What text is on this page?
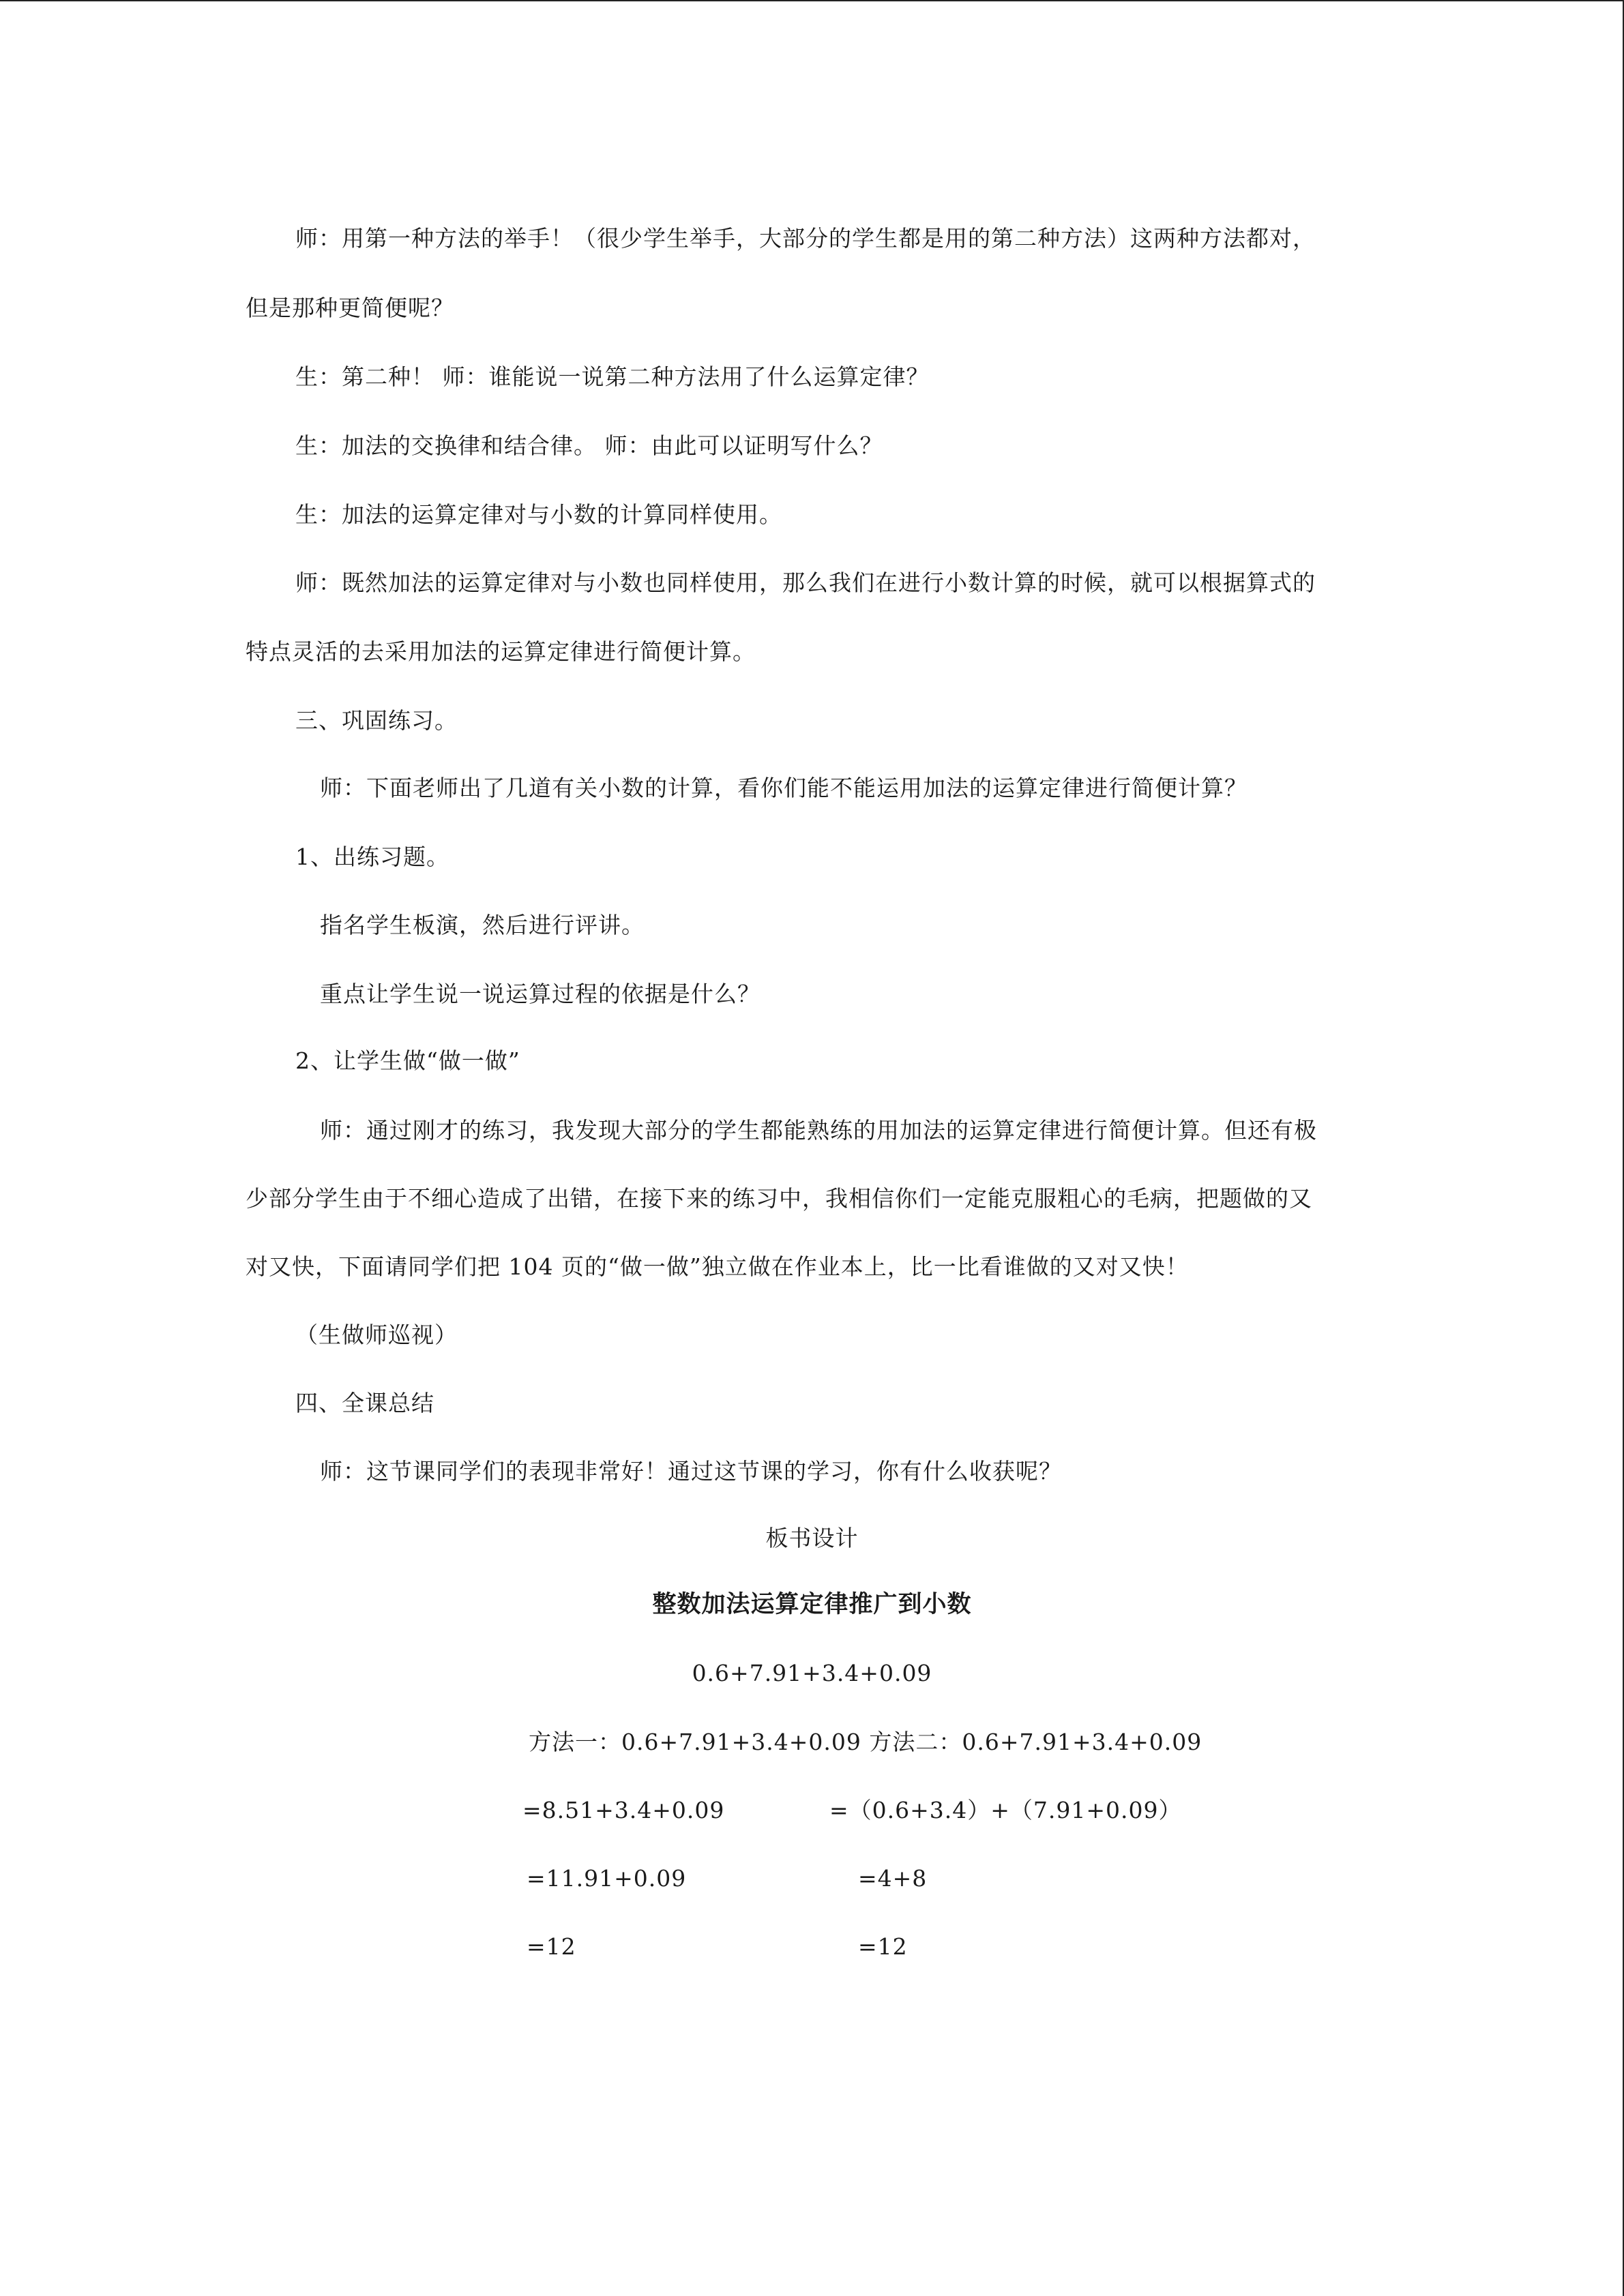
师：用第一种方法的举手！（很少学生举手，大部分的学生都是用的第二种方法）这两种方法都对，
但是那种更简便呢？
生：第二种！ 师：谁能说一说第二种方法用了什么运算定律？
生：加法的交换律和结合律。 师：由此可以证明写什么？
生：加法的运算定律对与小数的计算同样使用。
师：既然加法的运算定律对与小数也同样使用，那么我们在进行小数计算的时候，就可以根据算式的
特点灵活的去采用加法的运算定律进行简便计算。
三、巩固练习。
师：下面老师出了几道有关小数的计算，看你们能不能运用加法的运算定律进行简便计算？
1、出练习题。
指名学生板演，然后进行评讲。
重点让学生说一说运算过程的依据是什么？
2、让学生做“做一做”
师：通过刚才的练习，我发现大部分的学生都能熟练的用加法的运算定律进行简便计算。但还有极
少部分学生由于不细心造成了出错，在接下来的练习中，我相信你们一定能克服粗心的毛病，把题做的又
对又快，下面请同学们把 104 页的“做一做”独立做在作业本上，比一比看谁做的又对又快！
（生做师巡视）
四、全课总结
师：这节课同学们的表现非常好！通过这节课的学习，你有什么收获呢？
板书设计
整数加法运算定律推广到小数
0.6+7.91+3.4+0.09
方法一：0.6+7.91+3.4+0.09 方法二：0.6+7.91+3.4+0.09
=8.51+3.4+0.09	=（0.6+3.4）+（7.91+0.09）
=11.91+0.09	=4+8
=12	=12
